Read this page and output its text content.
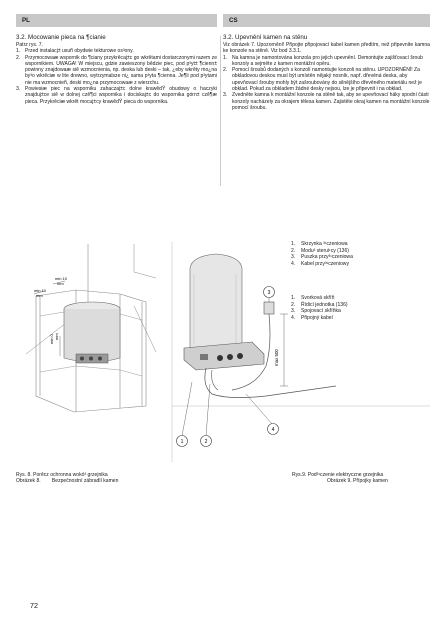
PL	CS
3.2. Mocowanie pieca na ¶cianie
Patrz rys. 7.
1. Przed instalacj± usuñ obydwie tekturowe os³ony.
2. Przymocowaæ wspornik do ¶ciany przykrêcaj±c go wkrêtami dostarczonymi razem ze wspornikiem. UWAGA! W miejscu, gdzie zawieszony bêdzie piec, pod p³yt± ¶cienn± powinny znajdowaæ siê wzmocnienia, np. deska lub deski – tak, ¿eby wkrêty mo¿na by³o wkrêciæ w lite drewno, wytrzymalsze ni¿ sama p³yta ¶cienna. Je¶li pod p³ytami nie ma wzmocnieñ, deski mo¿na przymocowaæ z wierzchu.
3. Powiesiæ piec na wsporniku zahaczaj±c dolne krawêdŸ obudowy o haczyki znajduj±ce siê w dolnej czê¶ci wspornika i dociskaj±c do wspornika górn± czê¶æ pieca. Przykrêciæ wkrêt mocuj±cy krawêdŸ pieca do wspornika.
3.2. Upevnění kamen na stěnu
Viz obrázek 7. Upozornění! Připojte připojovací kabel kamen předtím, než připevníte kamna ke konzole na stěně. Viz bod 3.3.1.
1. Na kamna je namontována konzola pro jejich upevnění. Demontujte zajišťovací šroub konzoly a sejměte z kamen montážní opěru.
2. Pomocí šroubů dodaných s konzolí namontujte konzoli na stěnu. UPOZORNĚNÍ! Za obkladovou deskou musí být umístěn nějaký nosník, např. dřevěná deska, aby upevňovací šrouby mohly být zašroubovány do silnějšího dřevěného materiálu než je obklad. Pokud za obkladem žádné desky nejsou, lze je připevnit i na obklad.
3. Zvedněte kamna k montážní konzole na stěně tak, aby se upevňovací háky spodní části konzoly nacházely za okrajem tělesa kamen. Zajistěte okraj kamen na montážní konzole pomocí šroubu.
min 10
mm
min 10
mm
min 0 mm
max 500
1	2
3
4
1.	Skrzynka ³¹czeniowa
2.	Modu³ sterui¹cy (136)
3.	Puszka przy³¹czeniowa
4.	Kabel przy³¹czeniowy
1.	Svorková skříň
2.	Řídicí jednotka (136)
3.	Spojovací skříňka
4.	Připojný kabel
Rys. 8. Porêcz ochronna wokó³ grzejnika
Obrázek 8. Bezpečnostní zábradlí kamen
Rys.9. Pod³¹czenie elektryczne grzejnika
Obrázek 9. Přípojky kamen
72
